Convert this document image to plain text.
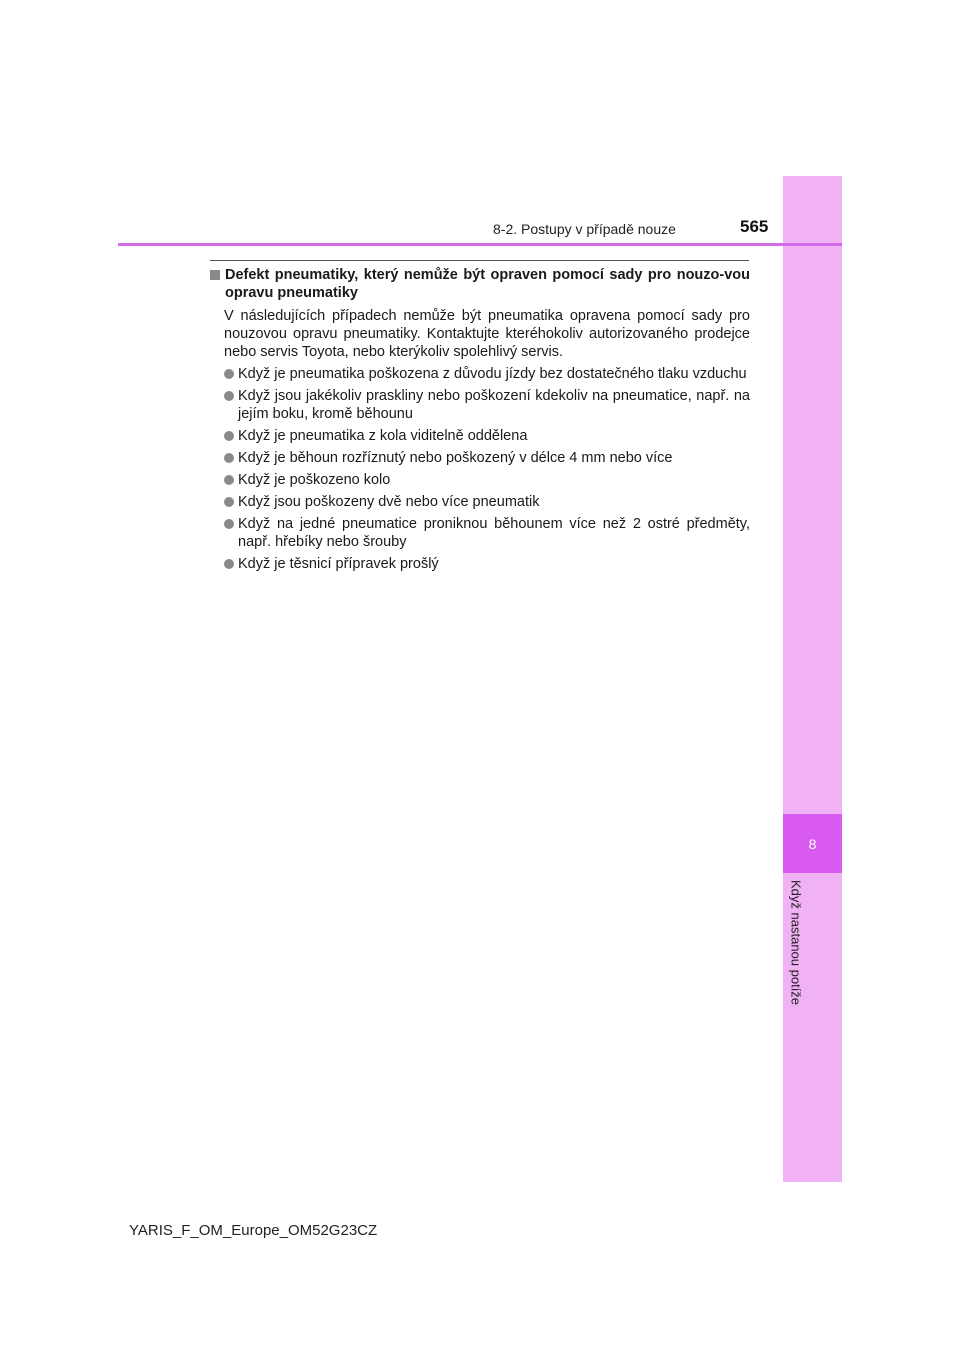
8
Když nastanou potíže
8-2. Postupy v případě nouze	565
Defekt pneumatiky, který nemůže být opraven pomocí sady pro nouzo-vou opravu pneumatiky
V následujících případech nemůže být pneumatika opravena pomocí sady pro nouzovou opravu pneumatiky. Kontaktujte kteréhokoliv autorizovaného prodejce nebo servis Toyota, nebo kterýkoliv spolehlivý servis.
Když je pneumatika poškozena z důvodu jízdy bez dostatečného tlaku vzduchu
Když jsou jakékoliv praskliny nebo poškození kdekoliv na pneumatice, např. na jejím boku, kromě běhounu
Když je pneumatika z kola viditelně oddělena
Když je běhoun rozříznutý nebo poškozený v délce 4 mm nebo více
Když je poškozeno kolo
Když jsou poškozeny dvě nebo více pneumatik
Když na jedné pneumatice proniknou běhounem více než 2 ostré předměty, např. hřebíky nebo šrouby
Když je těsnicí přípravek prošlý
YARIS_F_OM_Europe_OM52G23CZ
